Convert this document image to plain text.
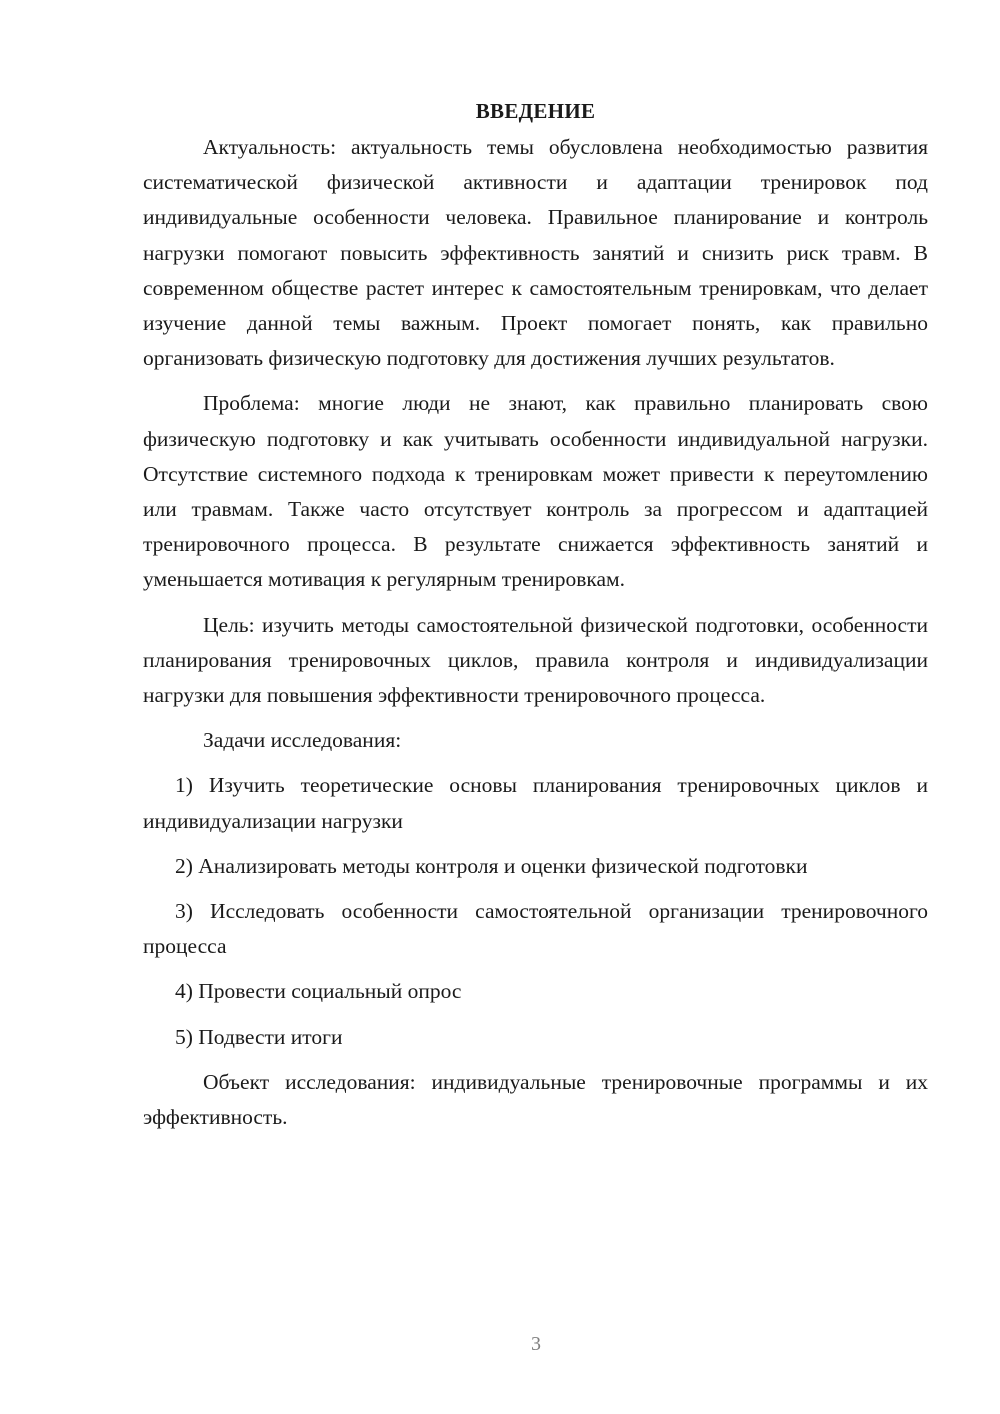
ВВЕДЕНИЕ

Актуальность: актуальность темы обусловлена необходимостью развития систематической физической активности и адаптации тренировок под индивидуальные особенности человека. Правильное планирование и контроль нагрузки помогают повысить эффективность занятий и снизить риск травм. В современном обществе растет интерес к самостоятельным тренировкам, что делает изучение данной темы важным. Проект помогает понять, как правильно организовать физическую подготовку для достижения лучших результатов.

Проблема: многие люди не знают, как правильно планировать свою физическую подготовку и как учитывать особенности индивидуальной нагрузки. Отсутствие системного подхода к тренировкам может привести к переутомлению или травмам. Также часто отсутствует контроль за прогрессом и адаптацией тренировочного процесса. В результате снижается эффективность занятий и уменьшается мотивация к регулярным тренировкам.

Цель: изучить методы самостоятельной физической подготовки, особенности планирования тренировочных циклов, правила контроля и индивидуализации нагрузки для повышения эффективности тренировочного процесса.

Задачи исследования:

1) Изучить теоретические основы планирования тренировочных циклов и индивидуализации нагрузки

2) Анализировать методы контроля и оценки физической подготовки

3) Исследовать особенности самостоятельной организации тренировочного процесса

4) Провести социальный опрос

5) Подвести итоги

Объект исследования: индивидуальные тренировочные программы и их эффективность.

3
